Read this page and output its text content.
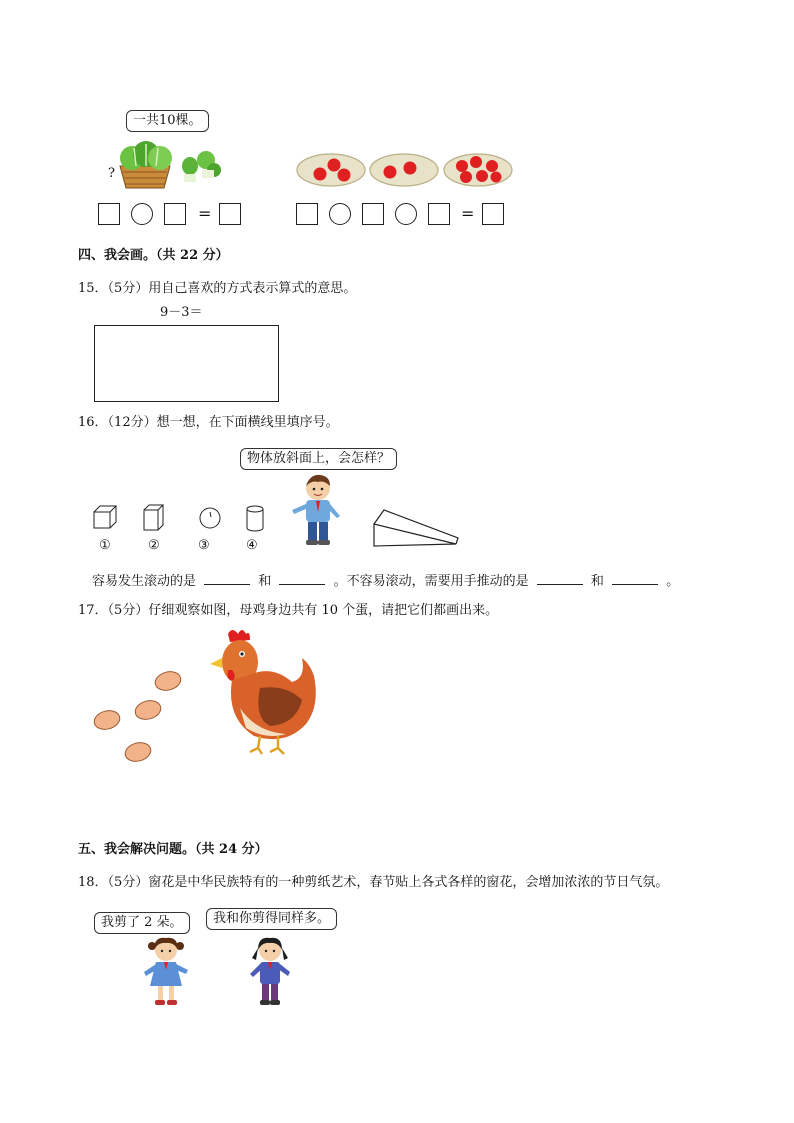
一共10棵。
?
=	=
四、我会画。（共 22 分）
15．（5分）用自己喜欢的方式表示算式的意思。
9－3＝
16．（12分）想一想，在下面横线里填序号。
物体放斜面上，会怎样？
①	②	③	④
容易发生滚动的是	和	。不容易滚动，需要用手推动的是	和	。
17．（5分）仔细观察如图，母鸡身边共有 10 个蛋，请把它们都画出来。
五、我会解决问题。（共 24 分）
18．（5分）窗花是中华民族特有的一种剪纸艺术，春节贴上各式各样的窗花，会增加浓浓的节日气氛。
我剪了 2 朵。	我和你剪得同样多。
